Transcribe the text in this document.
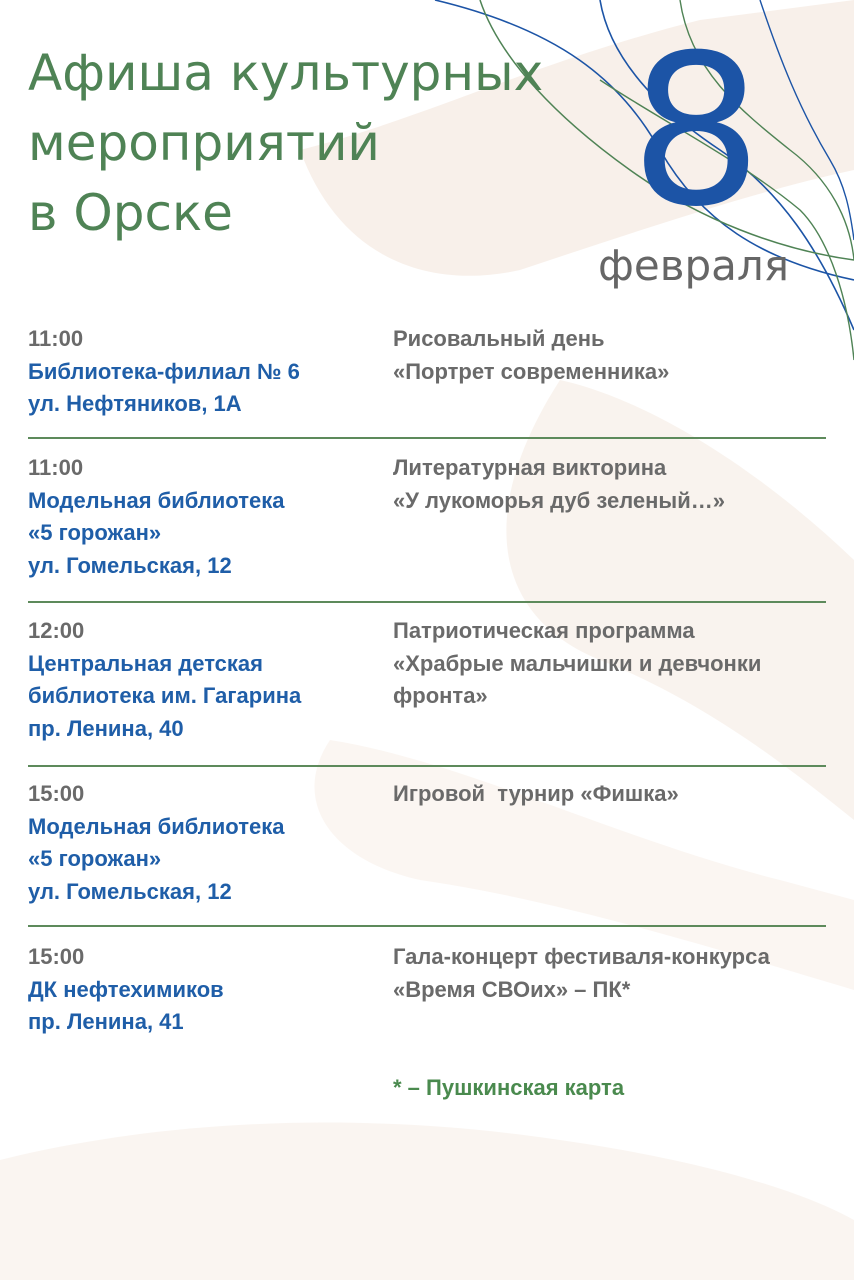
Афиша культурных
мероприятий
в Орске	8
февраля
11:00
Библиотека-филиал № 6
ул. Нефтяников, 1А
Рисовальный день
«Портрет современника»
11:00
Модельная библиотека
«5 горожан»
ул. Гомельская, 12
Литературная викторина
«У лукоморья дуб зеленый…»
12:00
Центральная детская
библиотека им. Гагарина
пр. Ленина, 40
Патриотическая программа
«Храбрые мальчишки и девчонки
фронта»
15:00
Модельная библиотека
«5 горожан»
ул. Гомельская, 12
Игровой  турнир «Фишка»
15:00
ДК нефтехимиков
пр. Ленина, 41
Гала-концерт фестиваля-конкурса
«Время СВОих» – ПК*
* – Пушкинская карта
